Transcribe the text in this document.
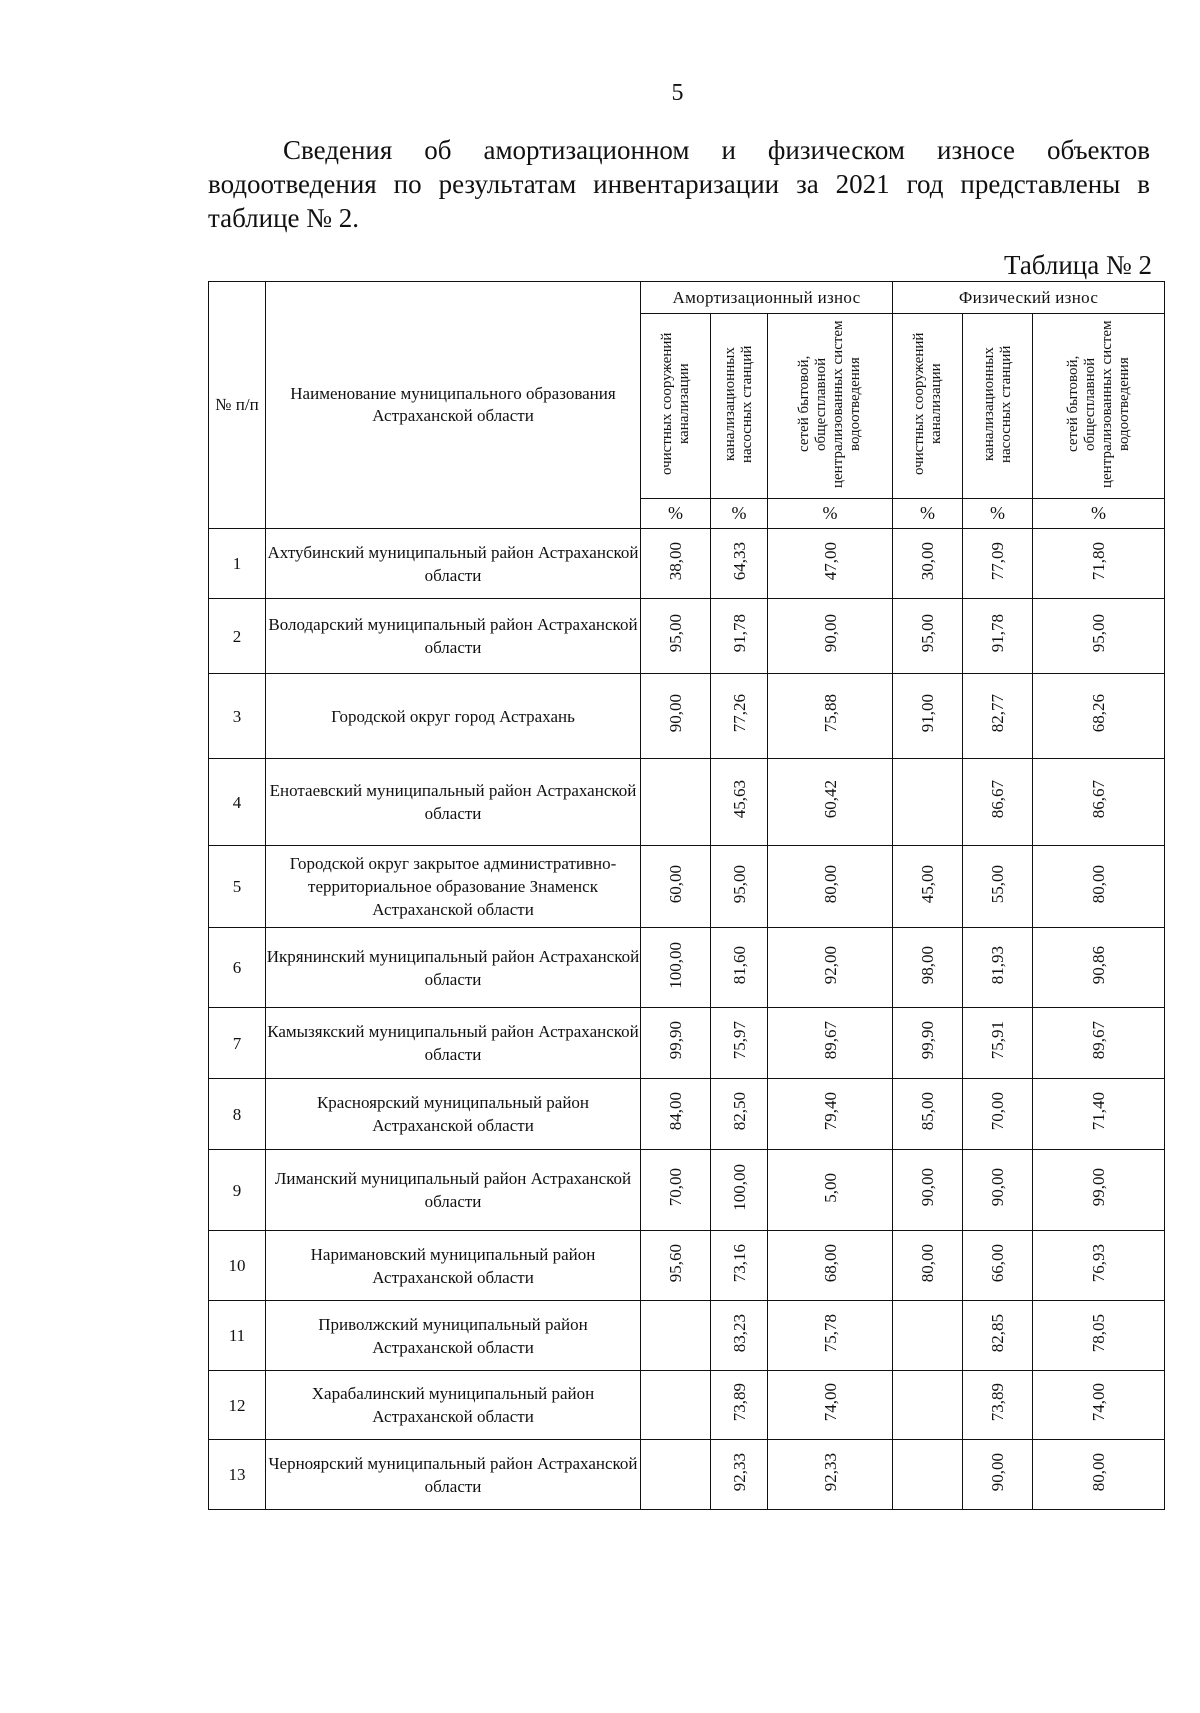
5

Сведения об амортизационном и физическом износе объектов водоотведения по результатам инвентаризации за 2021 год представлены в таблице № 2.

Таблица № 2
№ п/п	Наименование муниципального образования Астраханской области	Амортизационный износ			Физический износ		
		очистных сооружений канализации	канализационных насосных станций	сетей бытовой, общесплавной централизованных систем водоотведения	очистных сооружений канализации	канализационных насосных станций	сетей бытовой, общесплавной централизованных систем водоотведения
		%	%	%	%	%	%
1	Ахтубинский муниципальный район Астраханской области	38,00	64,33	47,00	30,00	77,09	71,80
2	Володарский муниципальный район Астраханской области	95,00	91,78	90,00	95,00	91,78	95,00
3	Городской округ город Астрахань	90,00	77,26	75,88	91,00	82,77	68,26
4	Енотаевский муниципальный район Астраханской области		45,63	60,42		86,67	86,67
5	Городской округ закрытое административно-территориальное образование Знаменск Астраханской области	60,00	95,00	80,00	45,00	55,00	80,00
6	Икрянинский муниципальный район Астраханской области	100,00	81,60	92,00	98,00	81,93	90,86
7	Камызякский муниципальный район Астраханской области	99,90	75,97	89,67	99,90	75,91	89,67
8	Красноярский муниципальный район Астраханской области	84,00	82,50	79,40	85,00	70,00	71,40
9	Лиманский муниципальный район Астраханской области	70,00	100,00	5,00	90,00	90,00	99,00
10	Наримановский муниципальный район Астраханской области	95,60	73,16	68,00	80,00	66,00	76,93
11	Приволжский муниципальный район Астраханской области		83,23	75,78		82,85	78,05
12	Харабалинский муниципальный район Астраханской области		73,89	74,00		73,89	74,00
13	Черноярский муниципальный район Астраханской области		92,33	92,33		90,00	80,00
